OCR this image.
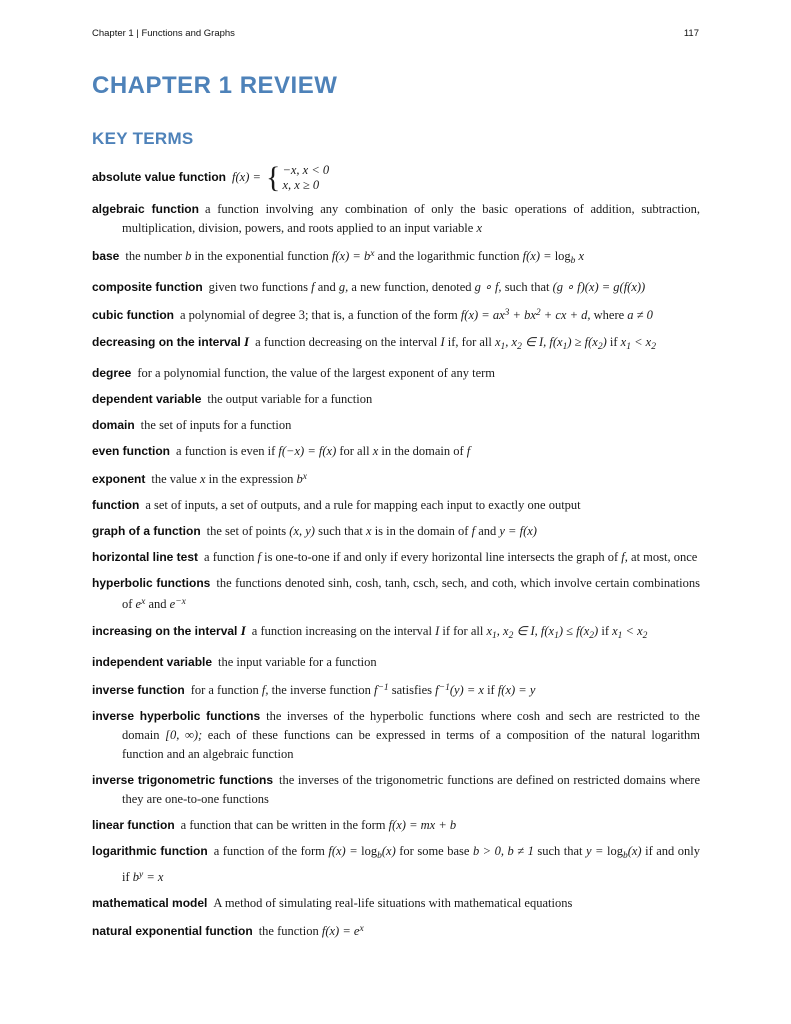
Chapter 1 | Functions and Graphs	117
CHAPTER 1 REVIEW
KEY TERMS

absolute value function f(x) = { −x, x < 0
x, x ≥ 0

algebraic function a function involving any combination of only the basic operations of addition, subtraction, multiplication, division, powers, and roots applied to an input variable x

base the number b in the exponential function $f(x) = b^x$ and the logarithmic function $f(x) = \log_b x$

composite function given two functions f and g, a new function, denoted g ∘ f, such that (g ∘ f)(x) = g(f(x))

cubic function a polynomial of degree 3; that is, a function of the form $f(x) = ax^3 + bx^2$ + cx + d, where a ≠ 0

decreasing on the interval I a function decreasing on the interval I if, for all $x_1$, $x_2$ ∈ I, $f(x_1) \ge f(x_2)$ if $x_1 < x_2$

degree for a polynomial function, the value of the largest exponent of any term

dependent variable the output variable for a function

domain the set of inputs for a function

even function a function is even if f(−x) = f(x) for all x in the domain of f

exponent the value x in the expression $b^x$

function a set of inputs, a set of outputs, and a rule for mapping each input to exactly one output

graph of a function the set of points (x, y) such that x is in the domain of f and y = f(x)

horizontal line test a function f is one-to-one if and only if every horizontal line intersects the graph of f, at most, once

hyperbolic functions the functions denoted sinh, cosh, tanh, csch, sech, and coth, which involve certain combinations of $e^x$ and $e^{-x}$

increasing on the interval I a function increasing on the interval I if for all $x_1$, $x_2$ ∈ I, $f(x_1) \le f(x_2)$ if $x_1 < x_2$

independent variable the input variable for a function

inverse function for a function f, the inverse function $f^{-1}$ satisfies $f^{-1}(y) = x$ if f(x) = y

inverse hyperbolic functions the inverses of the hyperbolic functions where cosh and sech are restricted to the domain [0, ∞); each of these functions can be expressed in terms of a composition of the natural logarithm function and an algebraic function

inverse trigonometric functions the inverses of the trigonometric functions are defined on restricted domains where they are one-to-one functions

linear function a function that can be written in the form f(x) = mx + b

logarithmic function a function of the form $f(x) = \log_b(x)$ for some base b > 0, b ≠ 1 such that $y = \log_b(x)$ if and only if $b^y = x$

mathematical model A method of simulating real-life situations with mathematical equations

natural exponential function the function $f(x) = e^x$
